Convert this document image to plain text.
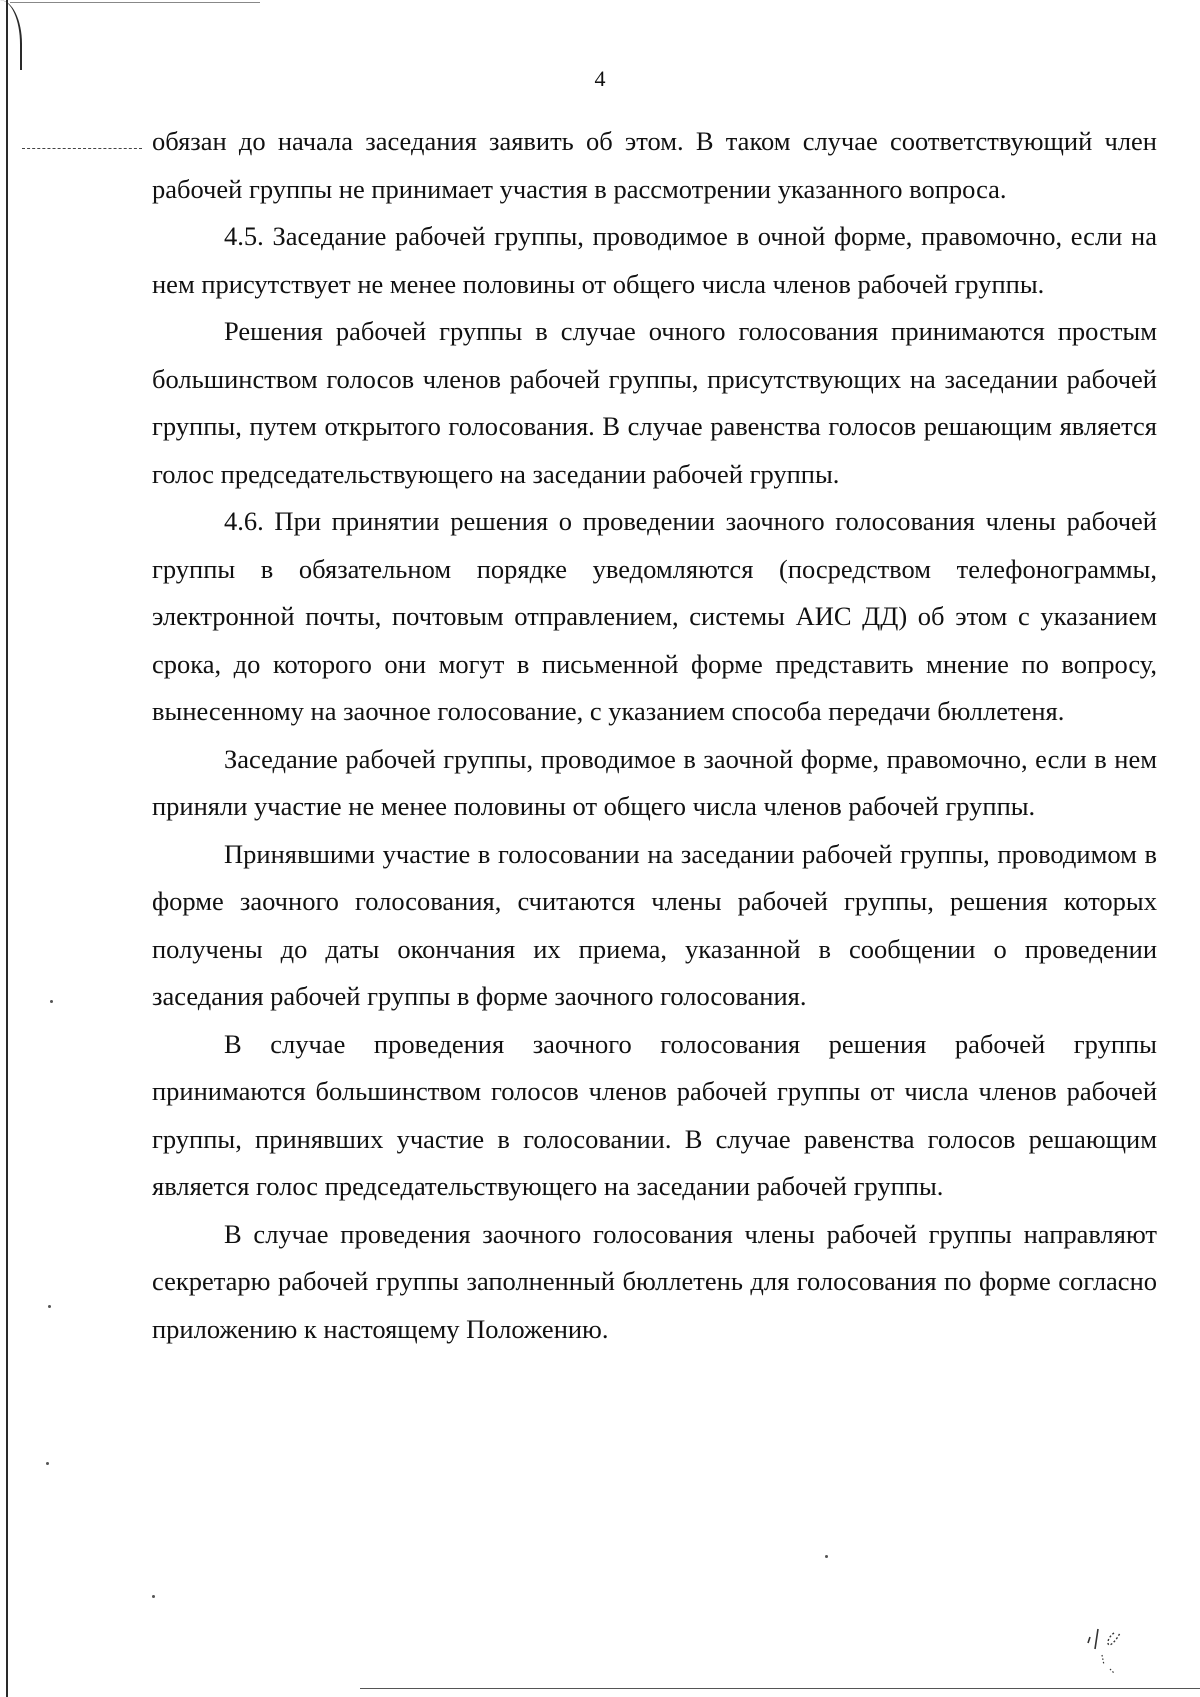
4

обязан до начала заседания заявить об этом. В таком случае соответствующий член рабочей группы не принимает участия в рассмотрении указанного вопроса.

4.5. Заседание рабочей группы, проводимое в очной форме, правомочно, если на нем присутствует не менее половины от общего числа членов рабочей группы.

Решения рабочей группы в случае очного голосования принимаются простым большинством голосов членов рабочей группы, присутствующих на заседании рабочей группы, путем открытого голосования. В случае равенства голосов решающим является голос председательствующего на заседании рабочей группы.

4.6. При принятии решения о проведении заочного голосования члены рабочей группы в обязательном порядке уведомляются (посредством телефонограммы, электронной почты, почтовым отправлением, системы АИС ДД) об этом с указанием срока, до которого они могут в письменной форме представить мнение по вопросу, вынесенному на заочное голосование, с указанием способа передачи бюллетеня.

Заседание рабочей группы, проводимое в заочной форме, правомочно, если в нем приняли участие не менее половины от общего числа членов рабочей группы.

Принявшими участие в голосовании на заседании рабочей группы, проводимом в форме заочного голосования, считаются члены рабочей группы, решения которых получены до даты окончания их приема, указанной в сообщении о проведении заседания рабочей группы в форме заочного голосования.

В случае проведения заочного голосования решения рабочей группы принимаются большинством голосов членов рабочей группы от числа членов рабочей группы, принявших участие в голосовании. В случае равенства голосов решающим является голос председательствующего на заседании рабочей группы.

В случае проведения заочного голосования члены рабочей группы направляют секретарю рабочей группы заполненный бюллетень для голосования по форме согласно приложению к настоящему Положению.
